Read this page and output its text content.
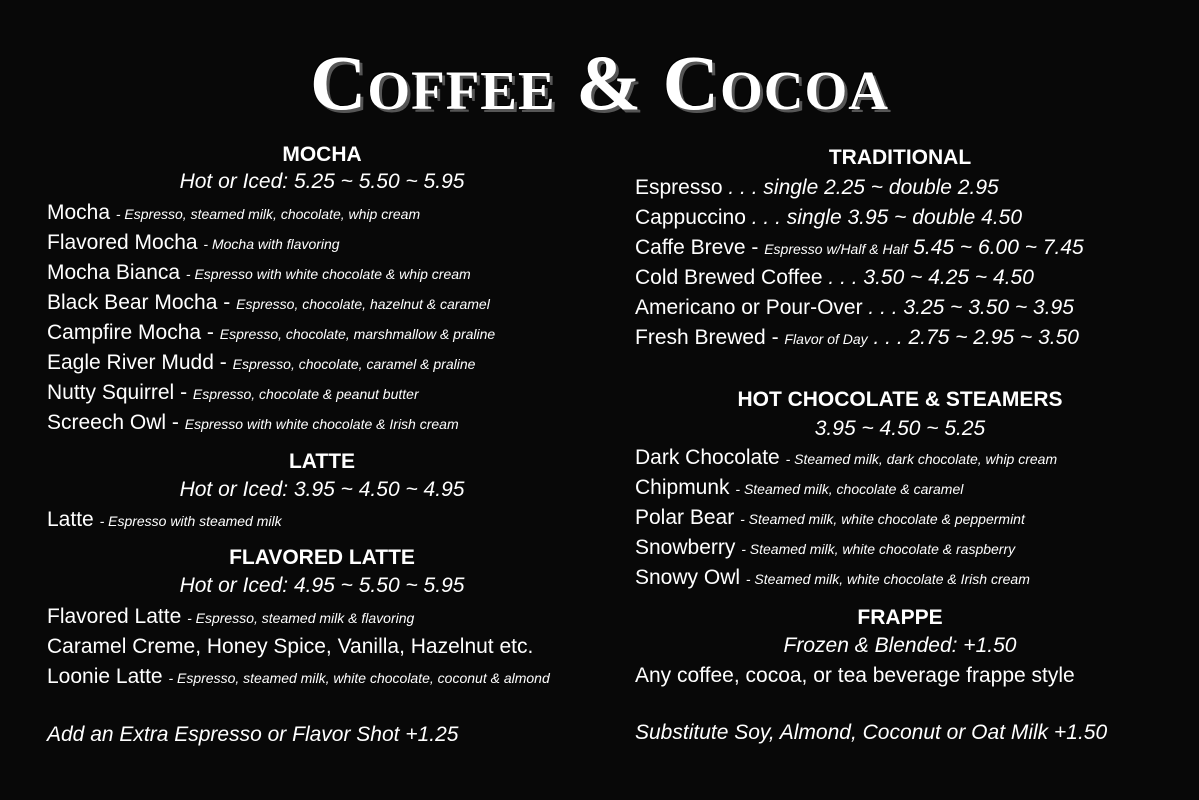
Coffee & Cocoa
MOCHA
Hot or Iced: 5.25 ~ 5.50 ~ 5.95
Mocha - Espresso, steamed milk, chocolate, whip cream
Flavored Mocha - Mocha with flavoring
Mocha Bianca - Espresso with white chocolate & whip cream
Black Bear Mocha - Espresso, chocolate, hazelnut & caramel
Campfire Mocha - Espresso, chocolate, marshmallow & praline
Eagle River Mudd - Espresso, chocolate, caramel & praline
Nutty Squirrel - Espresso, chocolate & peanut butter
Screech Owl - Espresso with white chocolate & Irish cream
LATTE
Hot or Iced: 3.95 ~ 4.50 ~ 4.95
Latte - Espresso with steamed milk
FLAVORED LATTE
Hot or Iced: 4.95 ~ 5.50 ~ 5.95
Flavored Latte - Espresso, steamed milk & flavoring
Caramel Creme, Honey Spice, Vanilla, Hazelnut etc.
Loonie Latte - Espresso, steamed milk, white chocolate, coconut & almond
Add an Extra Espresso or Flavor Shot +1.25
TRADITIONAL
Espresso . . . single 2.25 ~ double 2.95
Cappuccino . . . single 3.95 ~ double 4.50
Caffe Breve - Espresso w/Half & Half 5.45 ~ 6.00 ~ 7.45
Cold Brewed Coffee . . . 3.50 ~ 4.25 ~ 4.50
Americano or Pour-Over . . . 3.25 ~ 3.50 ~ 3.95
Fresh Brewed - Flavor of Day . . . 2.75 ~ 2.95 ~ 3.50
HOT CHOCOLATE & STEAMERS
3.95 ~ 4.50 ~ 5.25
Dark Chocolate - Steamed milk, dark chocolate, whip cream
Chipmunk - Steamed milk, chocolate & caramel
Polar Bear - Steamed milk, white chocolate & peppermint
Snowberry - Steamed milk, white chocolate & raspberry
Snowy Owl - Steamed milk, white chocolate & Irish cream
FRAPPE
Frozen & Blended: +1.50
Any coffee, cocoa, or tea beverage frappe style
Substitute Soy, Almond, Coconut or Oat Milk +1.50
